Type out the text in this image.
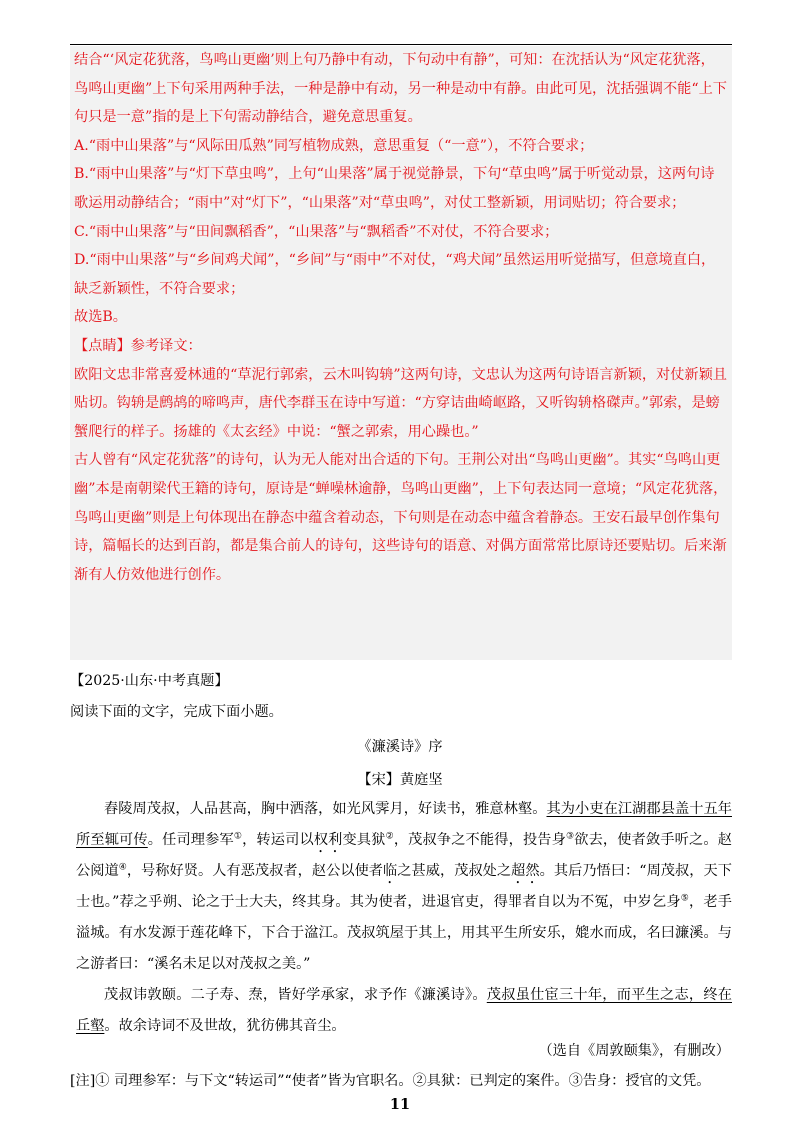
结合“‘风定花犹落，鸟鸣山更幽’则上句乃静中有动，下句动中有静”，可知：在沈括认为“风定花犹落，鸟鸣山更幽”上下句采用两种手法，一种是静中有动，另一种是动中有静。由此可见，沈括强调不能“上下句只是一意”指的是上下句需动静结合，避免意思重复。

A.“雨中山果落”与“风际田瓜熟”同写植物成熟，意思重复（“一意”），不符合要求；

B.“雨中山果落”与“灯下草虫鸣”，上句“山果落”属于视觉静景，下句“草虫鸣”属于听觉动景，这两句诗歌运用动静结合；“雨中”对“灯下”，“山果落”对“草虫鸣”，对仗工整新颖，用词贴切；符合要求；

C.“雨中山果落”与“田间飘稻香”，“山果落”与“飘稻香”不对仗，不符合要求；

D.“雨中山果落”与“乡间鸡犬闻”，“乡间”与“雨中”不对仗，“鸡犬闻”虽然运用听觉描写，但意境直白，缺乏新颖性，不符合要求；

故选B。

【点睛】参考译文：

欧阳文忠非常喜爱林逋的“草泥行郭索，云木叫钩辀”这两句诗，文忠认为这两句诗语言新颖，对仗新颖且贴切。钩辀是鹧鸪的啼鸣声，唐代李群玉在诗中写道：“方穿诘曲崎岖路，又听钩辀格磔声。”郭索，是螃蟹爬行的样子。扬雄的《太玄经》中说：“蟹之郭索，用心躁也。”

古人曾有“风定花犹落”的诗句，认为无人能对出合适的下句。王荆公对出“鸟鸣山更幽”。其实“鸟鸣山更幽”本是南朝梁代王籍的诗句，原诗是“蝉噪林逾静，鸟鸣山更幽”，上下句表达同一意境；“风定花犹落，鸟鸣山更幽”则是上句体现出在静态中蕴含着动态，下句则是在动态中蕴含着静态。王安石最早创作集句诗，篇幅长的达到百韵，都是集合前人的诗句，这些诗句的语意、对偶方面常常比原诗还要贴切。后来渐渐有人仿效他进行创作。

【2025·山东·中考真题】
阅读下面的文字，完成下面小题。
《濂溪诗》序
【宋】黄庭坚

舂陵周茂叔，人品甚高，胸中洒落，如光风霁月，好读书，雅意林壑。其为小吏在江湖郡县盖十五年所至辄可传。任司理参军①，转运司以权利变具狱②，茂叔争之不能得，投告身③欲去，使者敛手听之。赵公阅道④，号称好贤。人有恶茂叔者，赵公以使者临之甚威，茂叔处之超然。其后乃悟曰：“周茂叔，天下士也。”荐之乎朔、论之于士大夫，终其身。其为使者，进退官吏，得罪者自以为不冤，中岁乞身⑤，老手溢城。有水发源于莲花峰下，下合于湓江。茂叔筑屋于其上，用其平生所安乐，媲水而成，名曰濂溪。与之游者曰：“溪名未足以对茂叔之美。”

茂叔讳敦颐。二子寿、焘，皆好学承家，求予作《濂溪诗》。茂叔虽仕宦三十年，而平生之志，终在丘壑。故余诗词不及世故，犹彷佛其音尘。

（选自《周敦颐集》，有删改）
[注]① 司理参军：与下文“转运司”“使者”皆为官职名。②具狱：已判定的案件。③告身：授官的文凭。
11
